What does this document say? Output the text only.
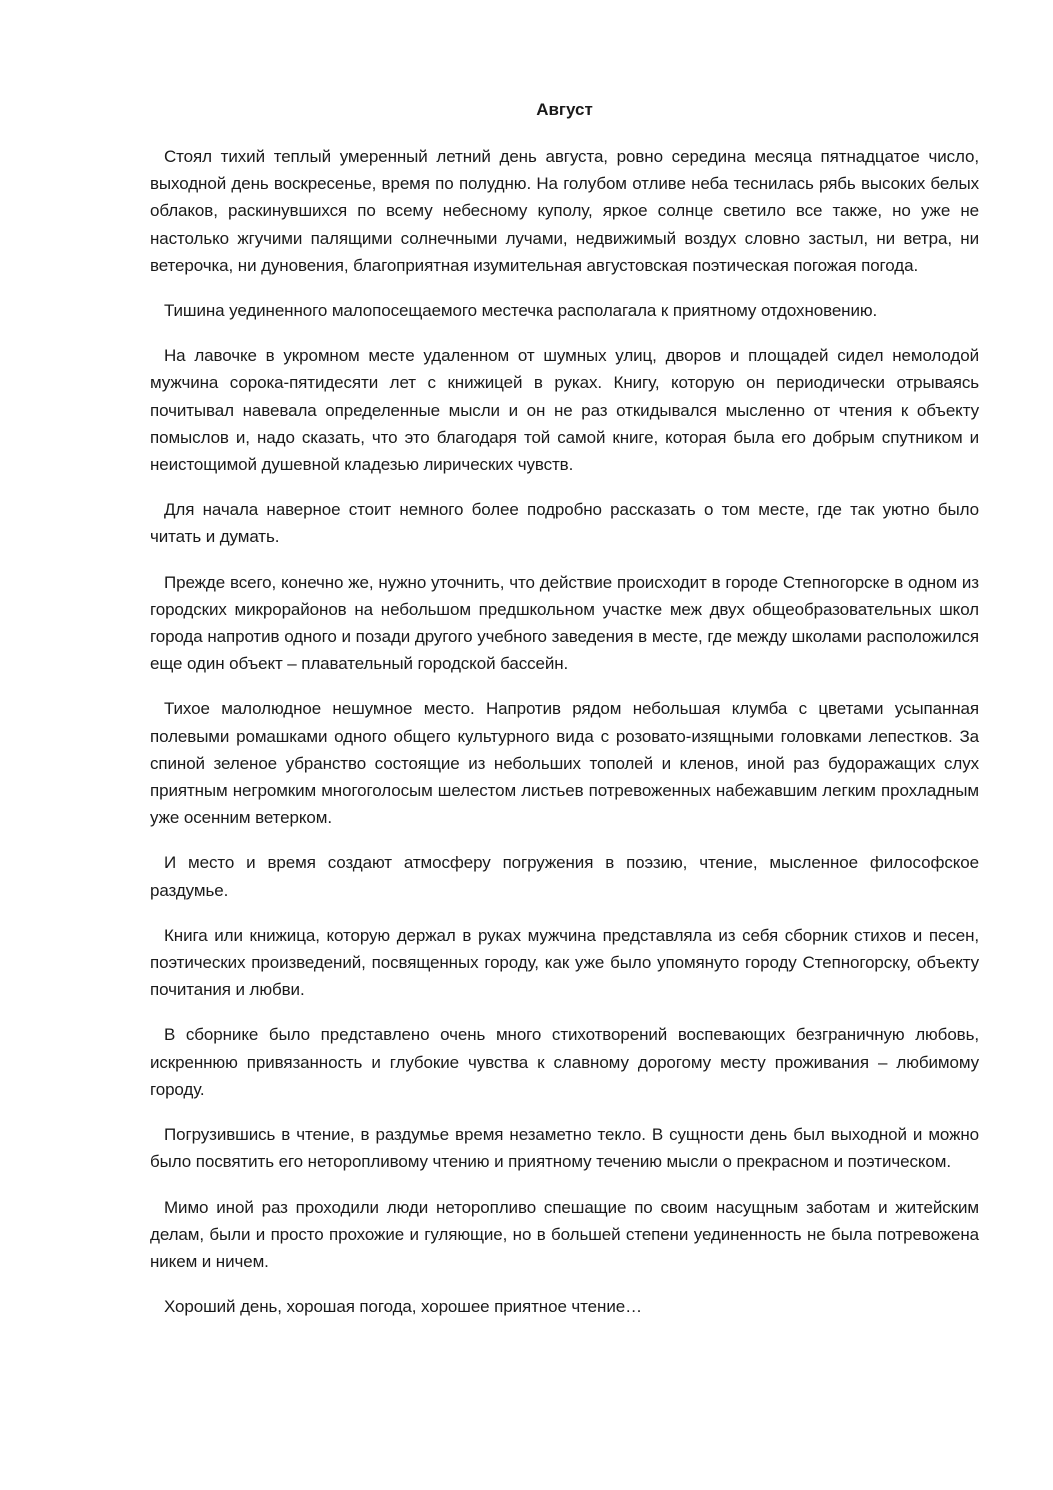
Август

Стоял тихий теплый умеренный летний день августа, ровно середина месяца пятнадцатое число, выходной день воскресенье, время по полудню. На голубом отливе неба теснилась рябь высоких белых облаков, раскинувшихся по всему небесному куполу, яркое солнце светило все также, но уже не настолько жгучими палящими солнечными лучами, недвижимый воздух словно застыл, ни ветра, ни ветерочка, ни дуновения, благоприятная изумительная августовская поэтическая погожая погода.

Тишина уединенного малопосещаемого местечка располагала к приятному отдохновению.

На лавочке в укромном месте удаленном от шумных улиц, дворов и площадей сидел немолодой мужчина сорока-пятидесяти лет с книжицей в руках. Книгу, которую он периодически отрываясь почитывал навевала определенные мысли и он не раз откидывался мысленно от чтения к объекту помыслов и, надо сказать, что это благодаря той самой книге, которая была его добрым спутником и неистощимой душевной кладезью лирических чувств.

Для начала наверное стоит немного более подробно рассказать о том месте, где так уютно было читать и думать.

Прежде всего, конечно же, нужно уточнить, что действие происходит в городе Степногорске в одном из городских микрорайонов на небольшом предшкольном участке меж двух общеобразовательных школ города напротив одного и позади другого учебного заведения в месте, где между школами расположился еще один объект – плавательный городской бассейн.

Тихое малолюдное нешумное место. Напротив рядом небольшая клумба с цветами усыпанная полевыми ромашками одного общего культурного вида с розовато-изящными головками лепестков. За спиной зеленое убранство состоящие из небольших тополей и кленов, иной раз будоражащих слух приятным негромким многоголосым шелестом листьев потревоженных набежавшим легким прохладным уже осенним ветерком.

И место и время создают атмосферу погружения в поэзию, чтение, мысленное философское раздумье.

Книга или книжица, которую держал в руках мужчина представляла из себя сборник стихов и песен, поэтических произведений, посвященных городу, как уже было упомянуто городу Степногорску, объекту почитания и любви.

В сборнике было представлено очень много стихотворений воспевающих безграничную любовь, искреннюю привязанность и глубокие чувства к славному дорогому месту проживания – любимому городу.

Погрузившись в чтение, в раздумье время незаметно текло. В сущности день был выходной и можно было посвятить его неторопливому чтению и приятному течению мысли о прекрасном и поэтическом.

Мимо иной раз проходили люди неторопливо спешащие по своим насущным заботам и житейским делам, были и просто прохожие и гуляющие, но в большей степени уединенность не была потревожена никем и ничем.

Хороший день, хорошая погода, хорошее приятное чтение…
